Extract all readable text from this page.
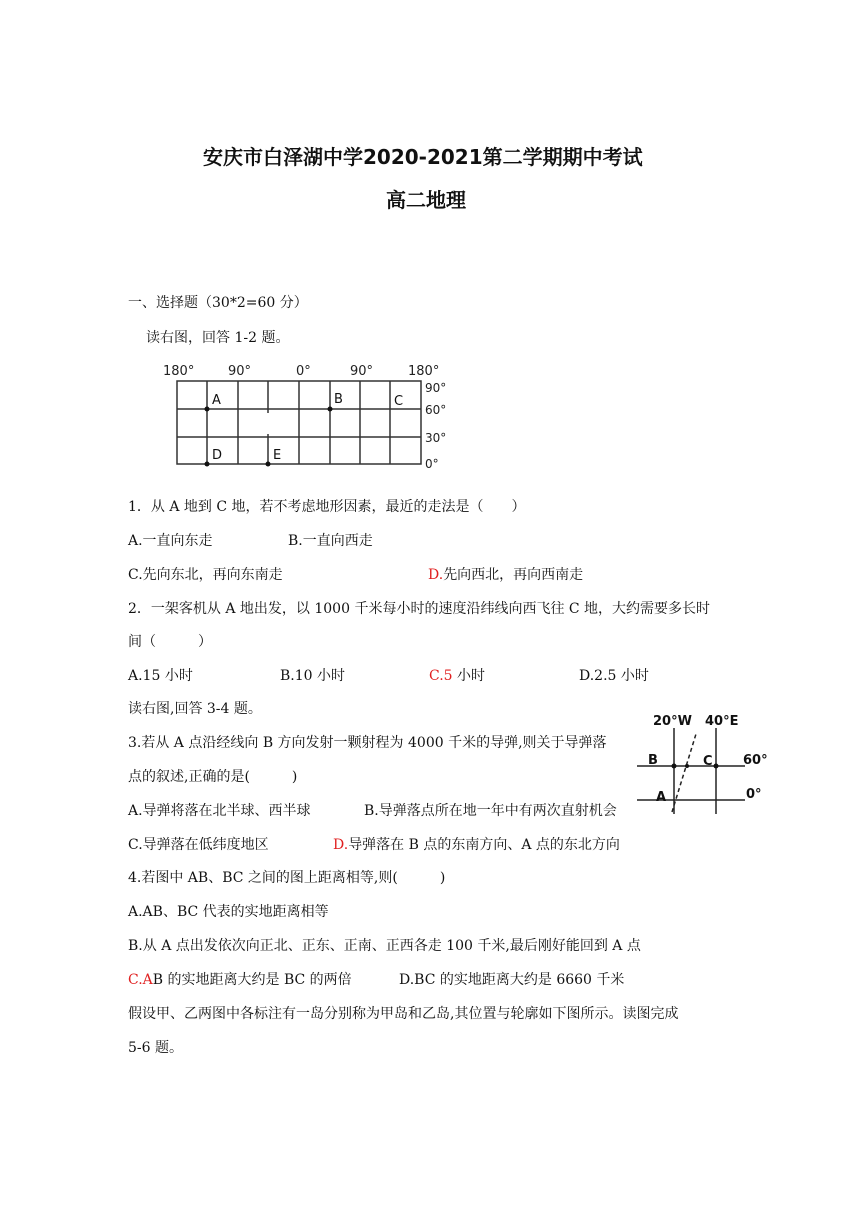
安庆市白泽湖中学2020-2021第二学期期中考试
高二地理
一、选择题（30*2=60 分）
读右图，回答 1-2 题。
180°	90°	0°	90°	180°
A	B	C
D	E
90°
60°
30°
0°
1．从 A 地到 C 地，若不考虑地形因素，最近的走法是（　　）
A.一直向东走	B.一直向西走
C.先向东北，再向东南走	D.先向西北，再向西南走
2．一架客机从 A 地出发，以 1000 千米每小时的速度沿纬线向西飞往 C 地，大约需要多长时
间（　　　）
A.15 小时	B.10 小时	C.5 小时	D.2.5 小时
读右图,回答 3-4 题。
20°W 40°E
B	C
A
60°
0°
3.若从 A 点沿经线向 B 方向发射一颗射程为 4000 千米的导弹,则关于导弹落
点的叙述,正确的是(　　　)
A.导弹将落在北半球、西半球	B.导弹落点所在地一年中有两次直射机会
C.导弹落在低纬度地区	D.导弹落在 B 点的东南方向、A 点的东北方向
4.若图中 AB、BC 之间的图上距离相等,则(　　　)
A.AB、BC 代表的实地距离相等
B.从 A 点出发依次向正北、正东、正南、正西各走 100 千米,最后刚好能回到 A 点
C.AB 的实地距离大约是 BC 的两倍	D.BC 的实地距离大约是 6660 千米
假设甲、乙两图中各标注有一岛分别称为甲岛和乙岛,其位置与轮廓如下图所示。读图完成
5-6 题。
